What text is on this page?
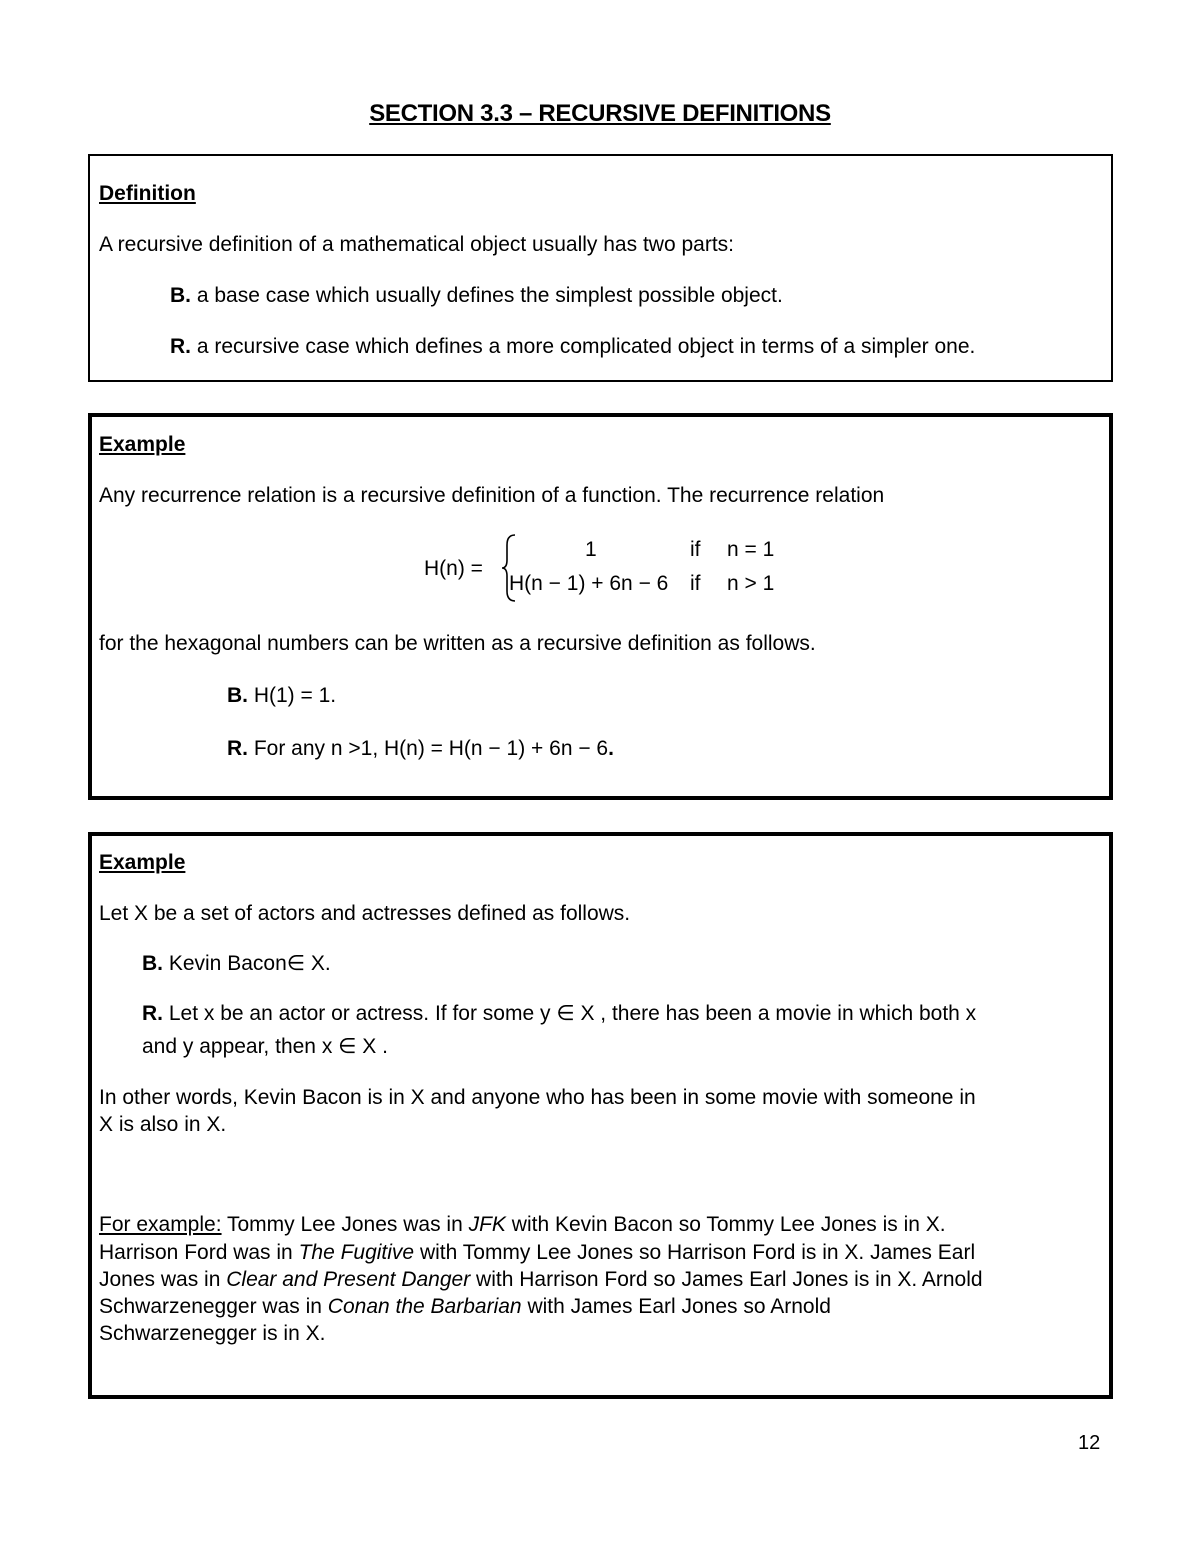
SECTION 3.3 – RECURSIVE DEFINITIONS
Definition
A recursive definition of a mathematical object usually has two parts:
B. a base case which usually defines the simplest possible object.
R. a recursive case which defines a more complicated object in terms of a simpler one.
Example
Any recurrence relation is a recursive definition of a function. The recurrence relation
H(n) =
1	if n = 1
H(n − 1) + 6n − 6 if n > 1
for the hexagonal numbers can be written as a recursive definition as follows.
B. H(1) = 1.
R. For any n >1, H(n) = H(n − 1) + 6n − 6.
Example
Let X be a set of actors and actresses defined as follows.
B. Kevin Bacon∈ X.
R. Let x be an actor or actress. If for some y ∈ X , there has been a movie in which both x
and y appear, then x ∈ X .
In other words, Kevin Bacon is in X and anyone who has been in some movie with someone in
X is also in X.
For example: Tommy Lee Jones was in JFK with Kevin Bacon so Tommy Lee Jones is in X.
Harrison Ford was in The Fugitive with Tommy Lee Jones so Harrison Ford is in X. James Earl
Jones was in Clear and Present Danger with Harrison Ford so James Earl Jones is in X. Arnold
Schwarzenegger was in Conan the Barbarian with James Earl Jones so Arnold
Schwarzenegger is in X.
12
